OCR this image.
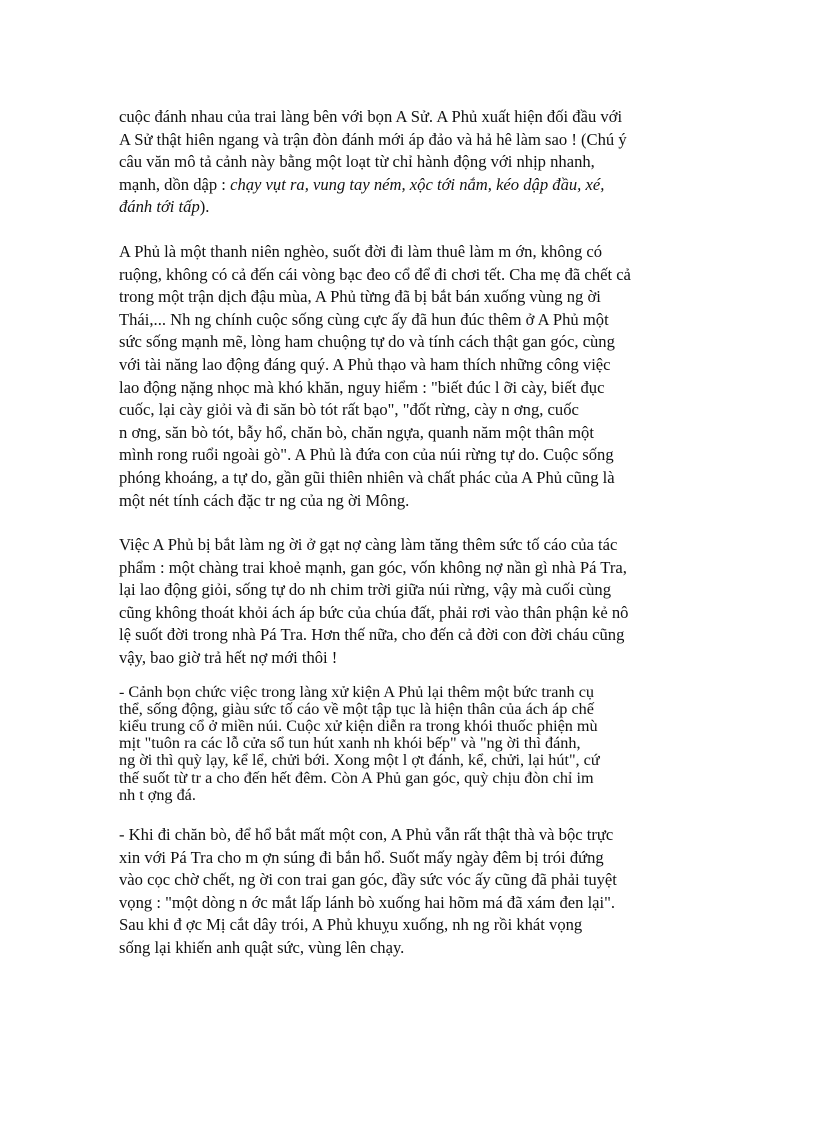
cuộc đánh nhau của trai làng bên với bọn A Sử. A Phủ xuất hiện đối đầu với
A Sử thật hiên ngang và trận đòn đánh mới áp đảo và hả hê làm sao ! (Chú ý
câu văn mô tả cảnh này bằng một loạt từ chỉ hành động với nhịp nhanh,
mạnh, dồn dập : chạy vụt ra, vung tay ném, xộc tới nắm, kéo dập đầu, xé,
đánh tới tấp).

A Phủ là một thanh niên nghèo, suốt đời đi làm thuê làm m ớn, không có
ruộng, không có cả đến cái vòng bạc đeo cổ để đi chơi tết. Cha mẹ đã chết cả
trong một trận dịch đậu mùa, A Phủ từng đã bị bắt bán xuống vùng ng ời
Thái,... Nh ng chính cuộc sống cùng cực ấy đã hun đúc thêm ở A Phủ một
sức sống mạnh mẽ, lòng ham chuộng tự do và tính cách thật gan góc, cùng
với tài năng lao động đáng quý. A Phủ thạo và ham thích những công việc
lao động nặng nhọc mà khó khăn, nguy hiểm : "biết đúc l ỡi cày, biết đục
cuốc, lại cày giỏi và đi săn bò tót rất bạo", "đốt rừng, cày n ơng, cuốc
n ơng, săn bò tót, bẫy hổ, chăn bò, chăn ngựa, quanh năm một thân một
mình rong ruổi ngoài gò". A Phủ là đứa con của núi rừng tự do. Cuộc sống
phóng khoáng, a tự do, gần gũi thiên nhiên và chất phác của A Phủ cũng là
một nét tính cách đặc tr ng của ng ời Mông.

Việc A Phủ bị bắt làm ng ời ở gạt nợ càng làm tăng thêm sức tố cáo của tác
phẩm : một chàng trai khoẻ mạnh, gan góc, vốn không nợ nần gì nhà Pá Tra,
lại lao động giỏi, sống tự do nh chim trời giữa núi rừng, vậy mà cuối cùng
cũng không thoát khỏi ách áp bức của chúa đất, phải rơi vào thân phận kẻ nô
lệ suốt đời trong nhà Pá Tra. Hơn thế nữa, cho đến cả đời con đời cháu cũng
vậy, bao giờ trả hết nợ mới thôi !

- Cảnh bọn chức việc trong làng xử kiện A Phủ lại thêm một bức tranh cụ
thể, sống động, giàu sức tố cáo về một tập tục là hiện thân của ách áp chế
kiểu trung cổ ở miền núi. Cuộc xử kiện diễn ra trong khói thuốc phiện mù
mịt "tuôn ra các lỗ cửa sổ tun hút xanh nh khói bếp" và "ng ời thì đánh,
ng ời thì quỳ lạy, kể lể, chửi bới. Xong một l ợt đánh, kể, chửi, lại hút", cứ
thế suốt từ tr a cho đến hết đêm. Còn A Phủ gan góc, quỳ chịu đòn chỉ im
nh t ợng đá.

- Khi đi chăn bò, để hổ bắt mất một con, A Phủ vẫn rất thật thà và bộc trực
xin với Pá Tra cho m ợn súng đi bắn hổ. Suốt mấy ngày đêm bị trói đứng
vào cọc chờ chết, ng ời con trai gan góc, đầy sức vóc ấy cũng đã phải tuyệt
vọng : "một dòng n ớc mắt lấp lánh bò xuống hai hõm má đã xám đen lại".
Sau khi đ ợc Mị cắt dây trói, A Phủ khuỵu xuống, nh ng rồi khát vọng
sống lại khiến anh quật sức, vùng lên chạy.
